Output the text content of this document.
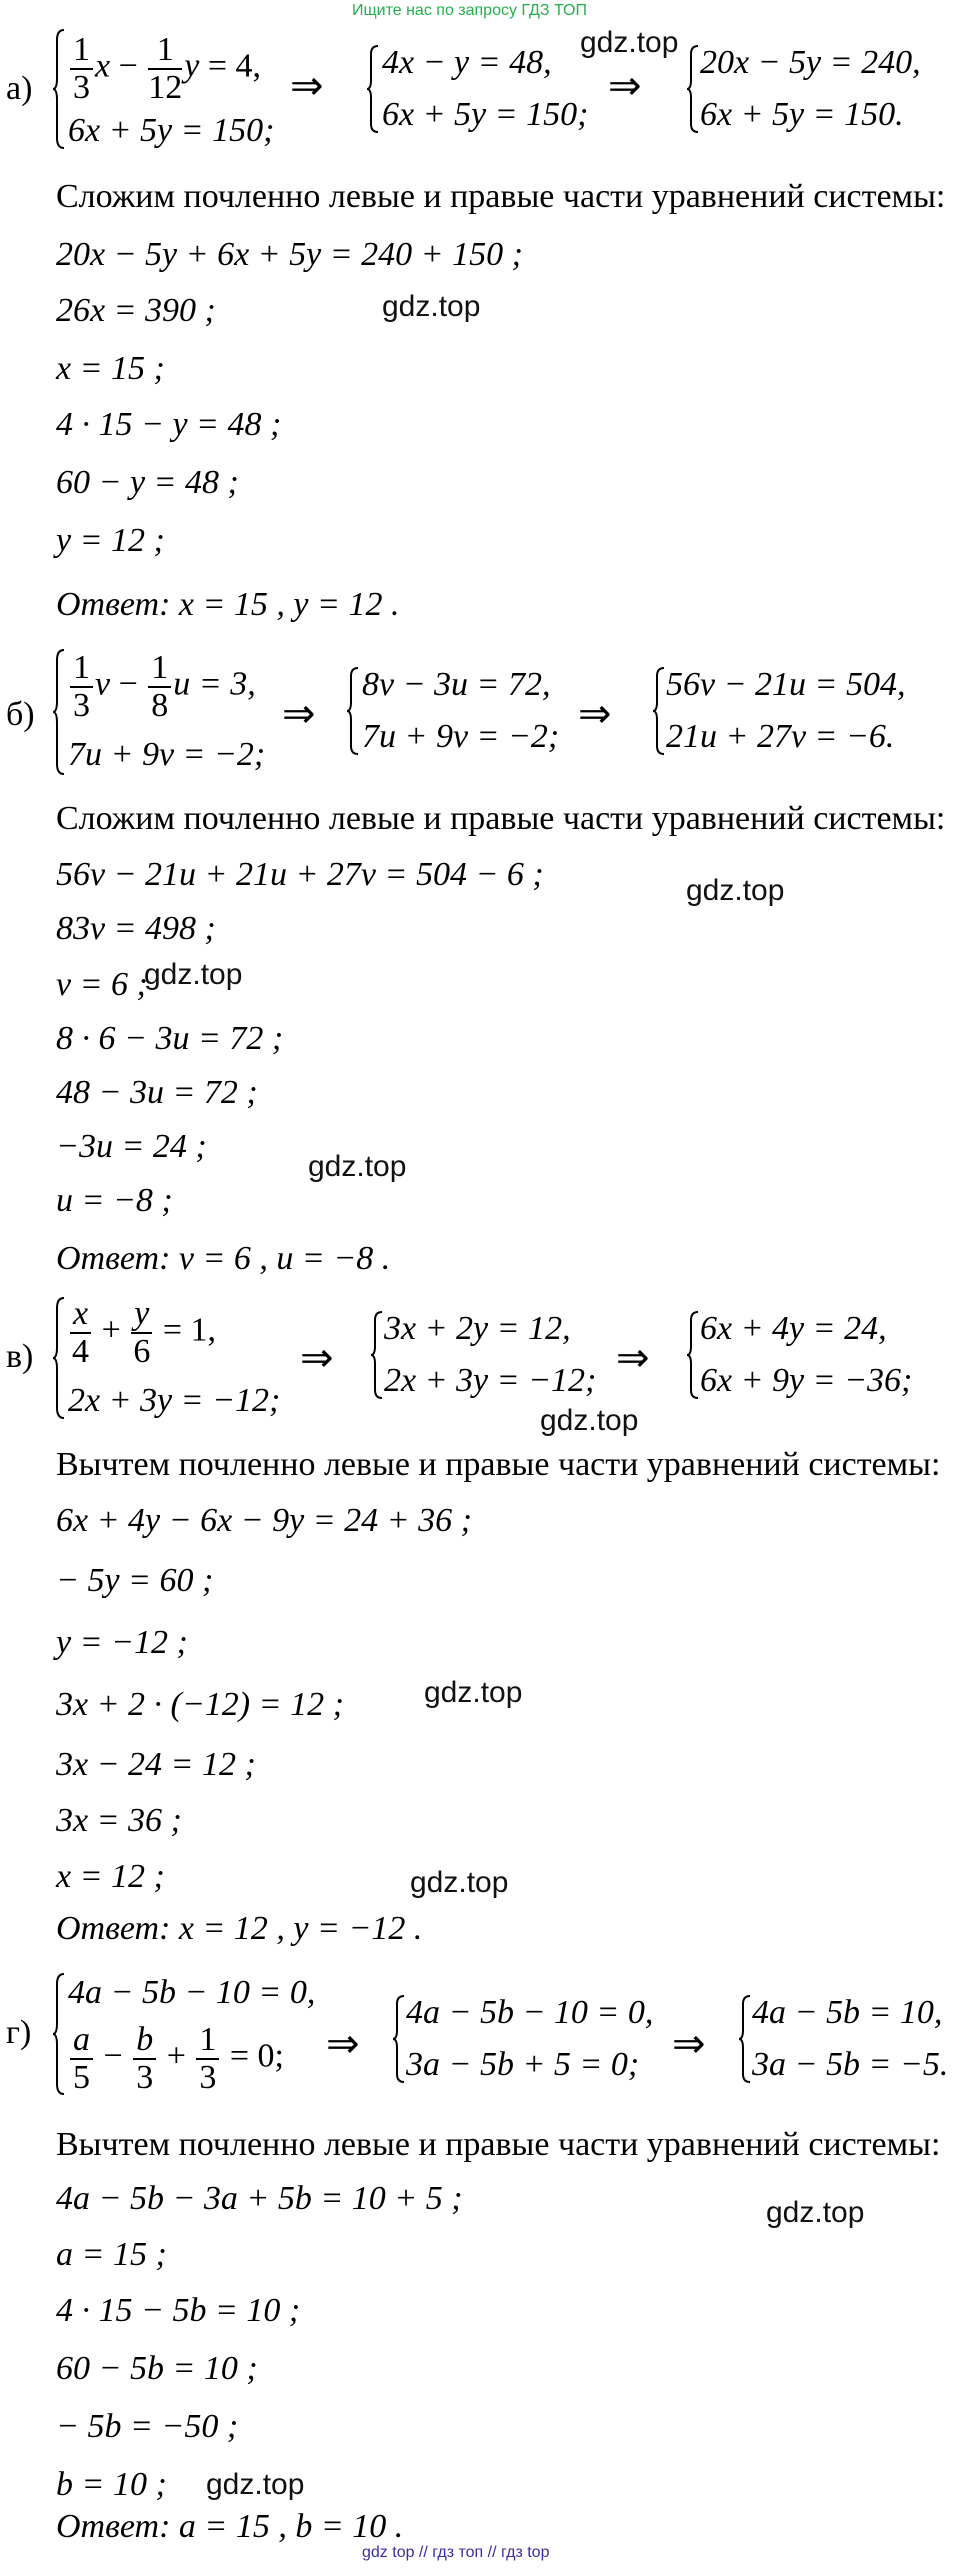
Ищите нас по запросу ГДЗ ТОП
gdz top // гдз топ // гдз top
$а) \frac{1}{3}$ $x - \frac{1}{12}$ y = 4,
6x + 5y = 150;
⇒
4x − y = 48,
6x + 5y = 150;
⇒
20x − 5y = 240,
6x + 5y = 150.
gdz.top
Сложим почленно левые и правые части уравнений системы:
20x − 5y + 6x + 5y = 240 + 150 ;
26x = 390 ;	gdz.top
x = 15 ;
4 · 15 − y = 48 ;
60 − y = 48 ;
y = 12 ;
Ответ: x = 15 , y = 12 .
$б) \frac{1}{3}$ $v - \frac{1}{8}$ u = 3,
7u + 9v = −2;
⇒
8v − 3u = 72,
7u + 9v = −2;
⇒
56v − 21u = 504,
21u + 27v = −6.
Сложим почленно левые и правые части уравнений системы:
56v − 21u + 21u + 27v = 504 − 6 ;	gdz.top
83v = 498 ;
v = 6 ;
gdz.top
8 · 6 − 3u = 72 ;
48 − 3u = 72 ;
−3u = 24 ;
gdz.top
u = −8 ;
Ответ: v = 6 , u = −8 .
$в) \frac{x}{4} + \frac{y}{6} = 1$,
2x + 3y = −12;
⇒
3x + 2y = 12,
2x + 3y = −12;
⇒
6x + 4y = 24,
6x + 9y = −36;
gdz.top
Вычтем почленно левые и правые части уравнений системы:
6x + 4y − 6x − 9y = 24 + 36 ;
− 5y = 60 ;
y = −12 ;
3x + 2 · (−12) = 12 ;	gdz.top
3x − 24 = 12 ;
3x = 36 ;
x = 12 ;	gdz.top
Ответ: x = 12 , y = −12 .
г)
4a − 5b − 10 = 0,
$\frac{a}{5} - \frac{b}{3} + \frac{1}{3} = 0$; ⇒
4a − 5b − 10 = 0,
3a − 5b + 5 = 0; ⇒
4a − 5b = 10,
3a − 5b = −5.
Вычтем почленно левые и правые части уравнений системы:
4a − 5b − 3a + 5b = 10 + 5 ;	gdz.top
a = 15 ;
4 · 15 − 5b = 10 ;
60 − 5b = 10 ;
− 5b = −50 ;
b = 10 ; gdz.top
Ответ: a = 15 , b = 10 .
